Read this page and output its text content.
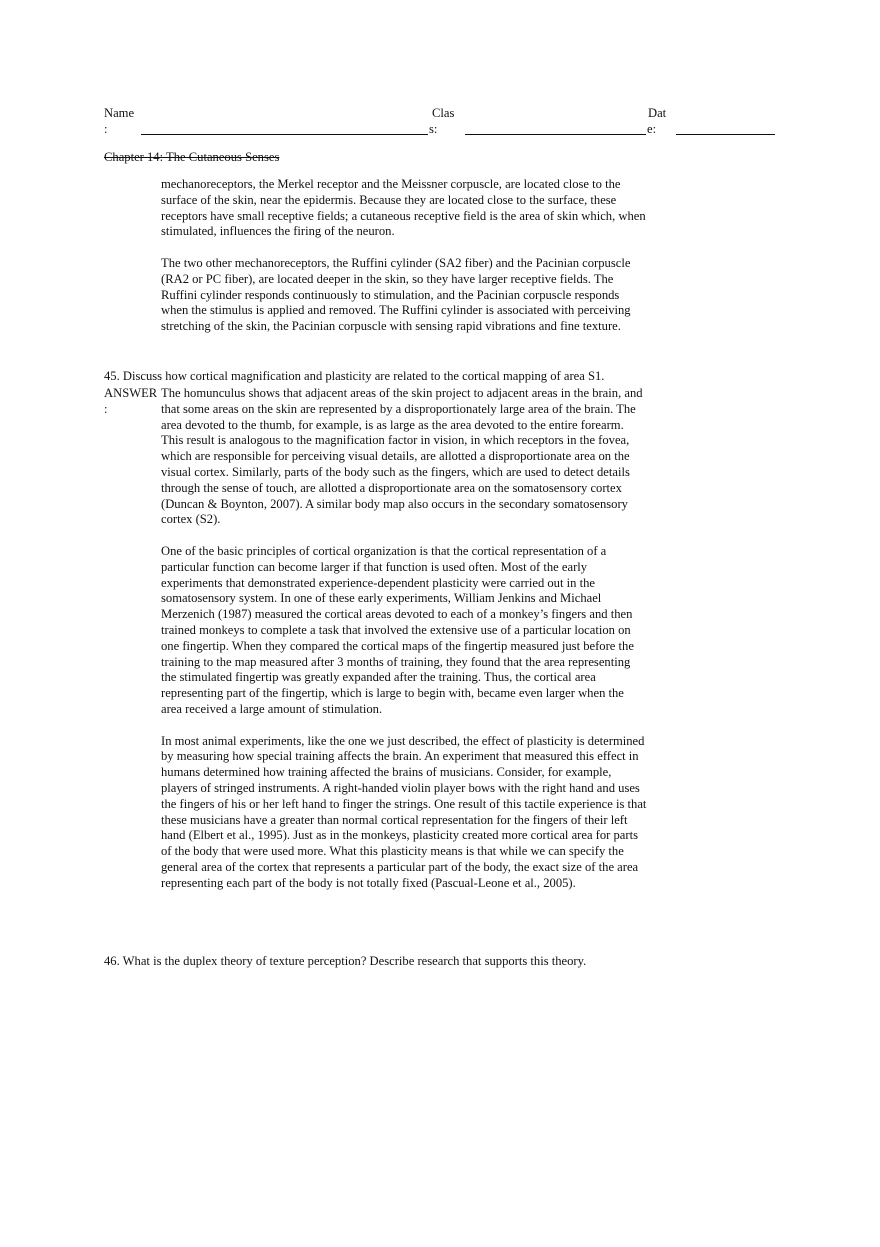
Name
:
Clas
s:
Dat
e:
Chapter 14: The Cutaneous Senses

mechanoreceptors, the Merkel receptor and the Meissner corpuscle, are located close to the surface of the skin, near the epidermis. Because they are located close to the surface, these receptors have small receptive fields; a cutaneous receptive field is the area of skin which, when stimulated, influences the firing of the neuron.

The two other mechanoreceptors, the Ruffini cylinder (SA2 fiber) and the Pacinian corpuscle (RA2 or PC fiber), are located deeper in the skin, so they have larger receptive fields. The Ruffini cylinder responds continuously to stimulation, and the Pacinian corpuscle responds when the stimulus is applied and removed. The Ruffini cylinder is associated with perceiving stretching of the skin, the Pacinian corpuscle with sensing rapid vibrations and fine texture.

45. Discuss how cortical magnification and plasticity are related to the cortical mapping of area S1.
ANSWER
:

The homunculus shows that adjacent areas of the skin project to adjacent areas in the brain, and that some areas on the skin are represented by a disproportionately large area of the brain. The area devoted to the thumb, for example, is as large as the area devoted to the entire forearm. This result is analogous to the magnification factor in vision, in which receptors in the fovea, which are responsible for perceiving visual details, are allotted a disproportionate area on the visual cortex. Similarly, parts of the body such as the fingers, which are used to detect details through the sense of touch, are allotted a disproportionate area on the somatosensory cortex (Duncan & Boynton, 2007). A similar body map also occurs in the secondary somatosensory cortex (S2).

One of the basic principles of cortical organization is that the cortical representation of a particular function can become larger if that function is used often. Most of the early experiments that demonstrated experience-dependent plasticity were carried out in the somatosensory system. In one of these early experiments, William Jenkins and Michael Merzenich (1987) measured the cortical areas devoted to each of a monkey’s fingers and then trained monkeys to complete a task that involved the extensive use of a particular location on one fingertip. When they compared the cortical maps of the fingertip measured just before the training to the map measured after 3 months of training, they found that the area representing the stimulated fingertip was greatly expanded after the training. Thus, the cortical area representing part of the fingertip, which is large to begin with, became even larger when the area received a large amount of stimulation.

In most animal experiments, like the one we just described, the effect of plasticity is determined by measuring how special training affects the brain. An experiment that measured this effect in humans determined how training affected the brains of musicians. Consider, for example, players of stringed instruments. A right-handed violin player bows with the right hand and uses the fingers of his or her left hand to finger the strings. One result of this tactile experience is that these musicians have a greater than normal cortical representation for the fingers of their left hand (Elbert et al., 1995). Just as in the monkeys, plasticity created more cortical area for parts of the body that were used more. What this plasticity means is that while we can specify the general area of the cortex that represents a particular part of the body, the exact size of the area representing each part of the body is not totally fixed (Pascual-Leone et al., 2005).

46. What is the duplex theory of texture perception? Describe research that supports this theory.
